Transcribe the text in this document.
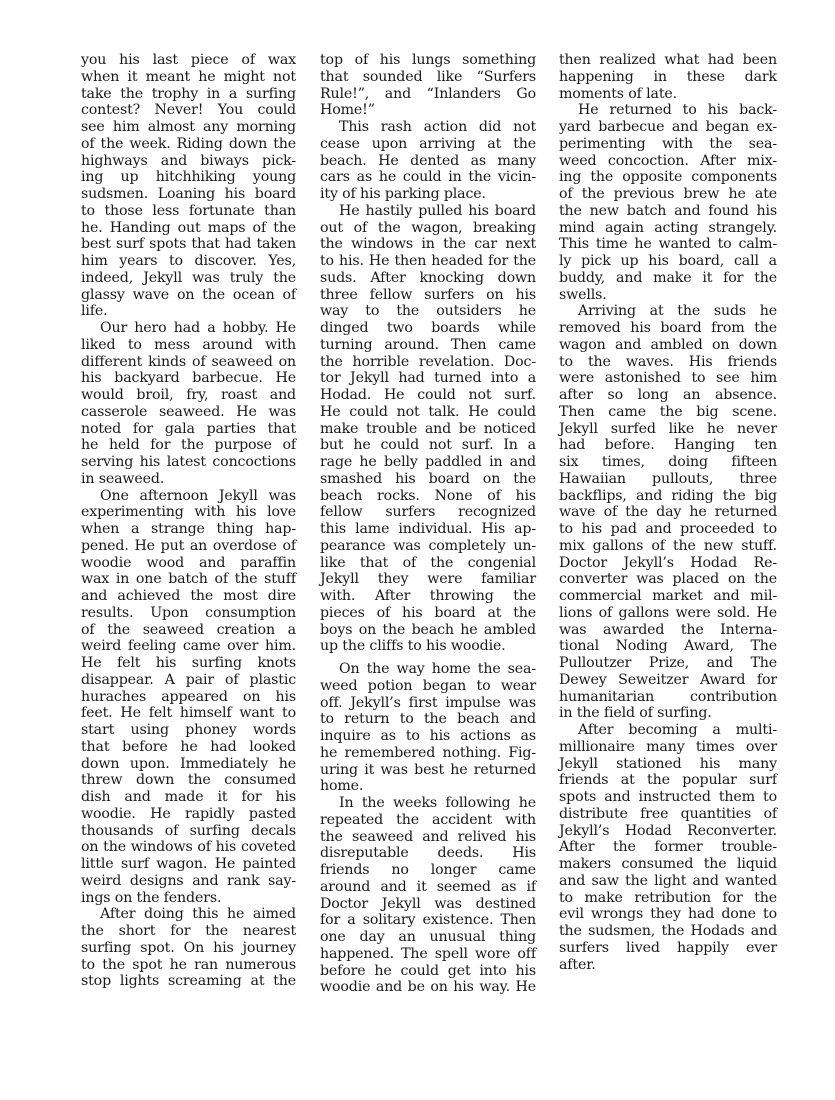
you his last piece of wax
when it meant he might not
take the trophy in a surfing
contest? Never! You could
see him almost any morning
of the week. Riding down the
highways and biways pick-
ing up hitchhiking young
sudsmen. Loaning his board
to those less fortunate than
he. Handing out maps of the
best surf spots that had taken
him years to discover. Yes,
indeed, Jekyll was truly the
glassy wave on the ocean of
life.
Our hero had a hobby. He
liked to mess around with
different kinds of seaweed on
his backyard barbecue. He
would broil, fry, roast and
casserole seaweed. He was
noted for gala parties that
he held for the purpose of
serving his latest concoctions
in seaweed.
One afternoon Jekyll was
experimenting with his love
when a strange thing hap-
pened. He put an overdose of
woodie wood and paraffin
wax in one batch of the stuff
and achieved the most dire
results. Upon consumption
of the seaweed creation a
weird feeling came over him.
He felt his surfing knots
disappear. A pair of plastic
huraches appeared on his
feet. He felt himself want to
start using phoney words
that before he had looked
down upon. Immediately he
threw down the consumed
dish and made it for his
woodie. He rapidly pasted
thousands of surfing decals
on the windows of his coveted
little surf wagon. He painted
weird designs and rank say-
ings on the fenders.
After doing this he aimed
the short for the nearest
surfing spot. On his journey
to the spot he ran numerous
stop lights screaming at the
top of his lungs something
that sounded like “Surfers
Rule!”, and “Inlanders Go
Home!”
This rash action did not
cease upon arriving at the
beach. He dented as many
cars as he could in the vicin-
ity of his parking place.
He hastily pulled his board
out of the wagon, breaking
the windows in the car next
to his. He then headed for the
suds. After knocking down
three fellow surfers on his
way to the outsiders he
dinged two boards while
turning around. Then came
the horrible revelation. Doc-
tor Jekyll had turned into a
Hodad. He could not surf.
He could not talk. He could
make trouble and be noticed
but he could not surf. In a
rage he belly paddled in and
smashed his board on the
beach rocks. None of his
fellow surfers recognized
this lame individual. His ap-
pearance was completely un-
like that of the congenial
Jekyll they were familiar
with. After throwing the
pieces of his board at the
boys on the beach he ambled
up the cliffs to his woodie.
On the way home the sea-
weed potion began to wear
off. Jekyll’s first impulse was
to return to the beach and
inquire as to his actions as
he remembered nothing. Fig-
uring it was best he returned
home.
In the weeks following he
repeated the accident with
the seaweed and relived his
disreputable deeds. His
friends no longer came
around and it seemed as if
Doctor Jekyll was destined
for a solitary existence. Then
one day an unusual thing
happened. The spell wore off
before he could get into his
woodie and be on his way. He
then realized what had been
happening in these dark
moments of late.
He returned to his back-
yard barbecue and began ex-
perimenting with the sea-
weed concoction. After mix-
ing the opposite components
of the previous brew he ate
the new batch and found his
mind again acting strangely.
This time he wanted to calm-
ly pick up his board, call a
buddy, and make it for the
swells.
Arriving at the suds he
removed his board from the
wagon and ambled on down
to the waves. His friends
were astonished to see him
after so long an absence.
Then came the big scene.
Jekyll surfed like he never
had before. Hanging ten
six times, doing fifteen
Hawaiian pullouts, three
backflips, and riding the big
wave of the day he returned
to his pad and proceeded to
mix gallons of the new stuff.
Doctor Jekyll’s Hodad Re-
converter was placed on the
commercial market and mil-
lions of gallons were sold. He
was awarded the Interna-
tional Noding Award, The
Pulloutzer Prize, and The
Dewey Seweitzer Award for
humanitarian contribution
in the field of surfing.
After becoming a multi-
millionaire many times over
Jekyll stationed his many
friends at the popular surf
spots and instructed them to
distribute free quantities of
Jekyll’s Hodad Reconverter.
After the former trouble-
makers consumed the liquid
and saw the light and wanted
to make retribution for the
evil wrongs they had done to
the sudsmen, the Hodads and
surfers lived happily ever
after.
